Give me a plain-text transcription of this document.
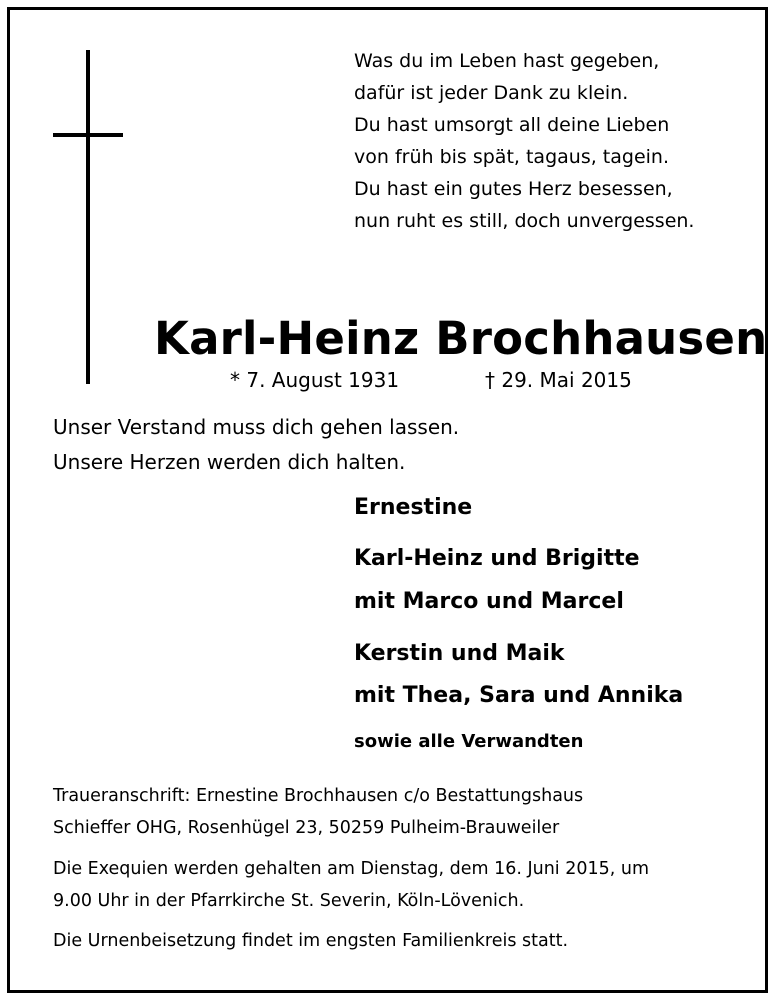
Was du im Leben hast gegeben,
dafür ist jeder Dank zu klein.
Du hast umsorgt all deine Lieben
von früh bis spät, tagaus, tagein.
Du hast ein gutes Herz besessen,
nun ruht es still, doch unvergessen.
Karl-Heinz Brochhausen
* 7. August 1931	† 29. Mai 2015
Unser Verstand muss dich gehen lassen.
Unsere Herzen werden dich halten.
Ernestine
Karl-Heinz und Brigitte
mit Marco und Marcel
Kerstin und Maik
mit Thea, Sara und Annika
sowie alle Verwandten
Traueranschrift: Ernestine Brochhausen c/o Bestattungshaus
Schieffer OHG, Rosenhügel 23, 50259 Pulheim-Brauweiler
Die Exequien werden gehalten am Dienstag, dem 16. Juni 2015, um
9.00 Uhr in der Pfarrkirche St. Severin, Köln-Lövenich.
Die Urnenbeisetzung findet im engsten Familienkreis statt.
